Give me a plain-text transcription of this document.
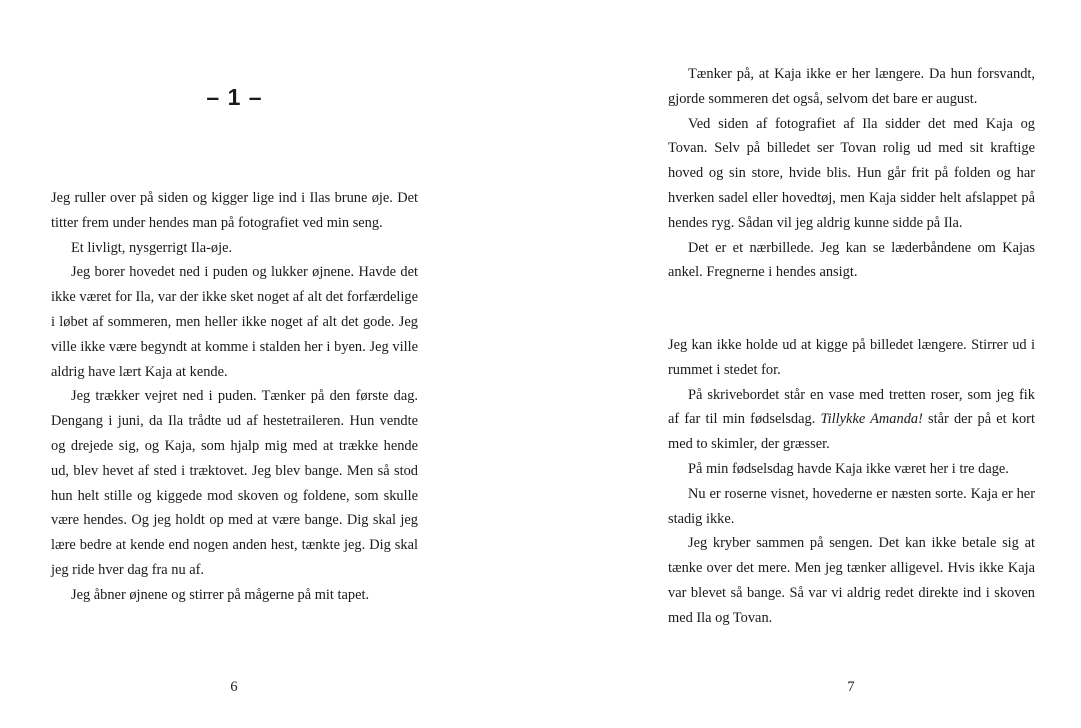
– 1 –

Jeg ruller over på siden og kigger lige ind i Ilas brune øje. Det titter frem under hendes man på fotografiet ved min seng.

Et livligt, nysgerrigt Ila-øje.

Jeg borer hovedet ned i puden og lukker øjnene. Havde det ikke været for Ila, var der ikke sket noget af alt det forfærdelige i løbet af sommeren, men heller ikke noget af alt det gode. Jeg ville ikke være begyndt at komme i stalden her i byen. Jeg ville aldrig have lært Kaja at kende.

Jeg trækker vejret ned i puden. Tænker på den første dag. Dengang i juni, da Ila trådte ud af hestetraileren. Hun vendte og drejede sig, og Kaja, som hjalp mig med at trække hende ud, blev hevet af sted i træktovet. Jeg blev bange. Men så stod hun helt stille og kiggede mod skoven og foldene, som skulle være hendes. Og jeg holdt op med at være bange. Dig skal jeg lære bedre at kende end nogen anden hest, tænkte jeg. Dig skal jeg ride hver dag fra nu af.

Jeg åbner øjnene og stirrer på mågerne på mit tapet.

6

Tænker på, at Kaja ikke er her længere. Da hun forsvandt, gjorde sommeren det også, selvom det bare er august.

Ved siden af fotografiet af Ila sidder det med Kaja og Tovan. Selv på billedet ser Tovan rolig ud med sit kraftige hoved og sin store, hvide blis. Hun går frit på folden og har hverken sadel eller hovedtøj, men Kaja sidder helt afslappet på hendes ryg. Sådan vil jeg aldrig kunne sidde på Ila.

Det er et nærbillede. Jeg kan se læderbåndene om Kajas ankel. Fregnerne i hendes ansigt.

Jeg kan ikke holde ud at kigge på billedet længere. Stirrer ud i rummet i stedet for.

På skrivebordet står en vase med tretten roser, som jeg fik af far til min fødselsdag. Tillykke Amanda! står der på et kort med to skimler, der græsser.

På min fødselsdag havde Kaja ikke været her i tre dage.

Nu er roserne visnet, hovederne er næsten sorte. Kaja er her stadig ikke.

Jeg kryber sammen på sengen. Det kan ikke betale sig at tænke over det mere. Men jeg tænker alligevel. Hvis ikke Kaja var blevet så bange. Så var vi aldrig redet direkte ind i skoven med Ila og Tovan.

7
